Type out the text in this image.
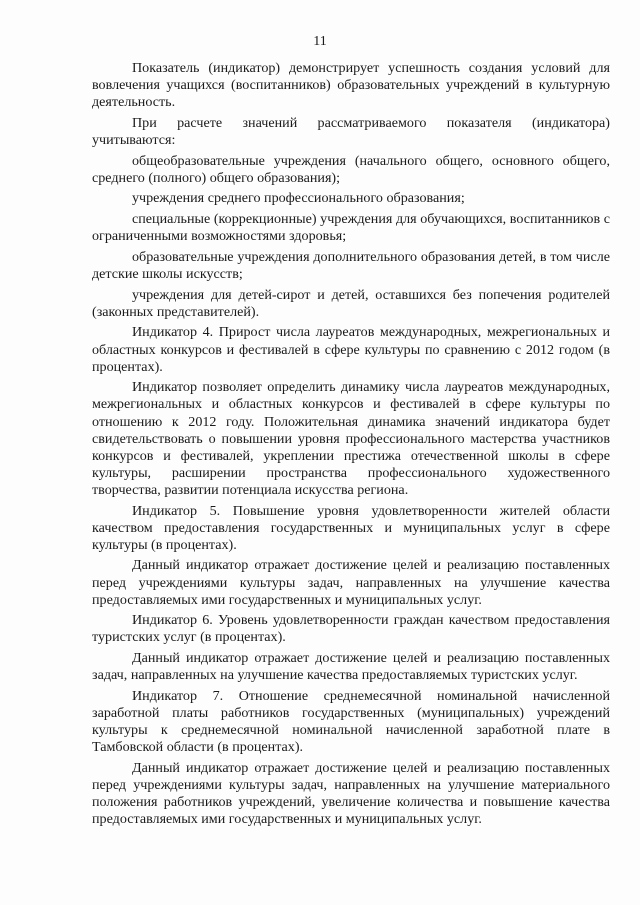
11

Показатель (индикатор) демонстрирует успешность создания условий для вовлечения учащихся (воспитанников) образовательных учреждений в культурную деятельность.

При расчете значений рассматриваемого показателя (индикатора) учитываются:

общеобразовательные учреждения (начального общего, основного общего, среднего (полного) общего образования);

учреждения среднего профессионального образования;

специальные (коррекционные) учреждения для обучающихся, воспитанников с ограниченными возможностями здоровья;

образовательные учреждения дополнительного образования детей, в том числе детские школы искусств;

учреждения для детей-сирот и детей, оставшихся без попечения родителей (законных представителей).

Индикатор 4. Прирост числа лауреатов международных, межрегиональных и областных конкурсов и фестивалей в сфере культуры по сравнению с 2012 годом (в процентах).

Индикатор позволяет определить динамику числа лауреатов международных, межрегиональных и областных конкурсов и фестивалей в сфере культуры по отношению к 2012 году. Положительная динамика значений индикатора будет свидетельствовать о повышении уровня профессионального мастерства участников конкурсов и фестивалей, укреплении престижа отечественной школы в сфере культуры, расширении пространства профессионального художественного творчества, развитии потенциала искусства региона.

Индикатор 5. Повышение уровня удовлетворенности жителей области качеством предоставления государственных и муниципальных услуг в сфере культуры (в процентах).

Данный индикатор отражает достижение целей и реализацию поставленных перед учреждениями культуры задач, направленных на улучшение качества предоставляемых ими государственных и муниципальных услуг.

Индикатор 6. Уровень удовлетворенности граждан качеством предоставления туристских услуг (в процентах).

Данный индикатор отражает достижение целей и реализацию поставленных задач, направленных на улучшение качества предоставляемых туристских услуг.

Индикатор 7. Отношение среднемесячной номинальной начисленной заработной платы работников государственных (муниципальных) учреждений культуры к среднемесячной номинальной начисленной заработной плате в Тамбовской области (в процентах).

Данный индикатор отражает достижение целей и реализацию поставленных перед учреждениями культуры задач, направленных на улучшение материального положения работников учреждений, увеличение количества и повышение качества предоставляемых ими государственных и муниципальных услуг.
